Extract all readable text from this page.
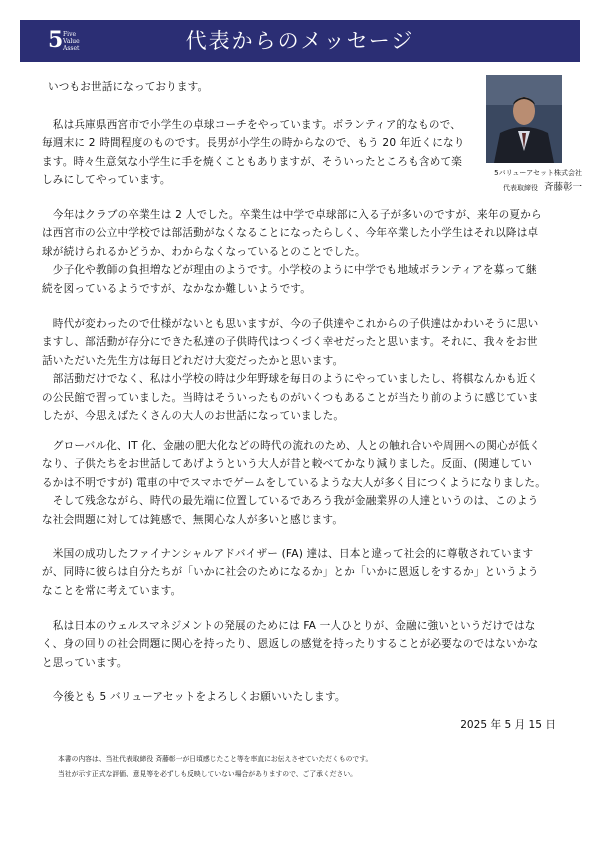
5 Five
Value
Asset	代表からのメッセージ
いつもお世話になっております。
5バリューアセット株式会社
代表取締役 斉藤彰一
　私は兵庫県西宮市で小学生の卓球コーチをやっています。ボランティア的なもので、
毎週末に 2 時間程度のものです。長男が小学生の時からなので、もう 20 年近くになり
ます。時々生意気な小学生に手を焼くこともありますが、そういったところも含めて楽
しみにしてやっています。
　今年はクラブの卒業生は 2 人でした。卒業生は中学で卓球部に入る子が多いのですが、来年の夏から
は西宮市の公立中学校では部活動がなくなることになったらしく、今年卒業した小学生はそれ以降は卓
球が続けられるかどうか、わからなくなっているとのことでした。
　少子化や教師の負担増などが理由のようです。小学校のように中学でも地域ボランティアを募って継
続を図っているようですが、なかなか難しいようです。
　時代が変わったので仕様がないとも思いますが、今の子供達やこれからの子供達はかわいそうに思い
ますし、部活動が存分にできた私達の子供時代はつくづく幸せだったと思います。それに、我々をお世
話いただいた先生方は毎日どれだけ大変だったかと思います。
　部活動だけでなく、私は小学校の時は少年野球を毎日のようにやっていましたし、将棋なんかも近く
の公民館で習っていました。当時はそういったものがいくつもあることが当たり前のように感じていま
したが、今思えばたくさんの大人のお世話になっていました。
　グローバル化、IT 化、金融の肥大化などの時代の流れのため、人との触れ合いや周囲への関心が低く
なり、子供たちをお世話してあげようという大人が昔と較べてかなり減りました。反面、(関連してい
るかは不明ですが) 電車の中でスマホでゲームをしているような大人が多く目につくようになりました。
　そして残念ながら、時代の最先端に位置しているであろう我が金融業界の人達というのは、このよう
な社会問題に対しては鈍感で、無関心な人が多いと感じます。
　米国の成功したファイナンシャルアドバイザー (FA) 達は、日本と違って社会的に尊敬されています
が、同時に彼らは自分たちが「いかに社会のためになるか」とか「いかに恩返しをするか」というよう
なことを常に考えています。
　私は日本のウェルスマネジメントの発展のためには FA 一人ひとりが、金融に強いというだけではな
く、身の回りの社会問題に関心を持ったり、恩返しの感覚を持ったりすることが必要なのではないかな
と思っています。
　今後とも 5 バリューアセットをよろしくお願いいたします。
2025 年 5 月 15 日
本書の内容は、当社代表取締役 斉藤彰一が日頃感じたこと等を率直にお伝えさせていただくものです。
当社が示す正式な評価、意見等を必ずしも反映していない場合がありますので、ご了承ください。
